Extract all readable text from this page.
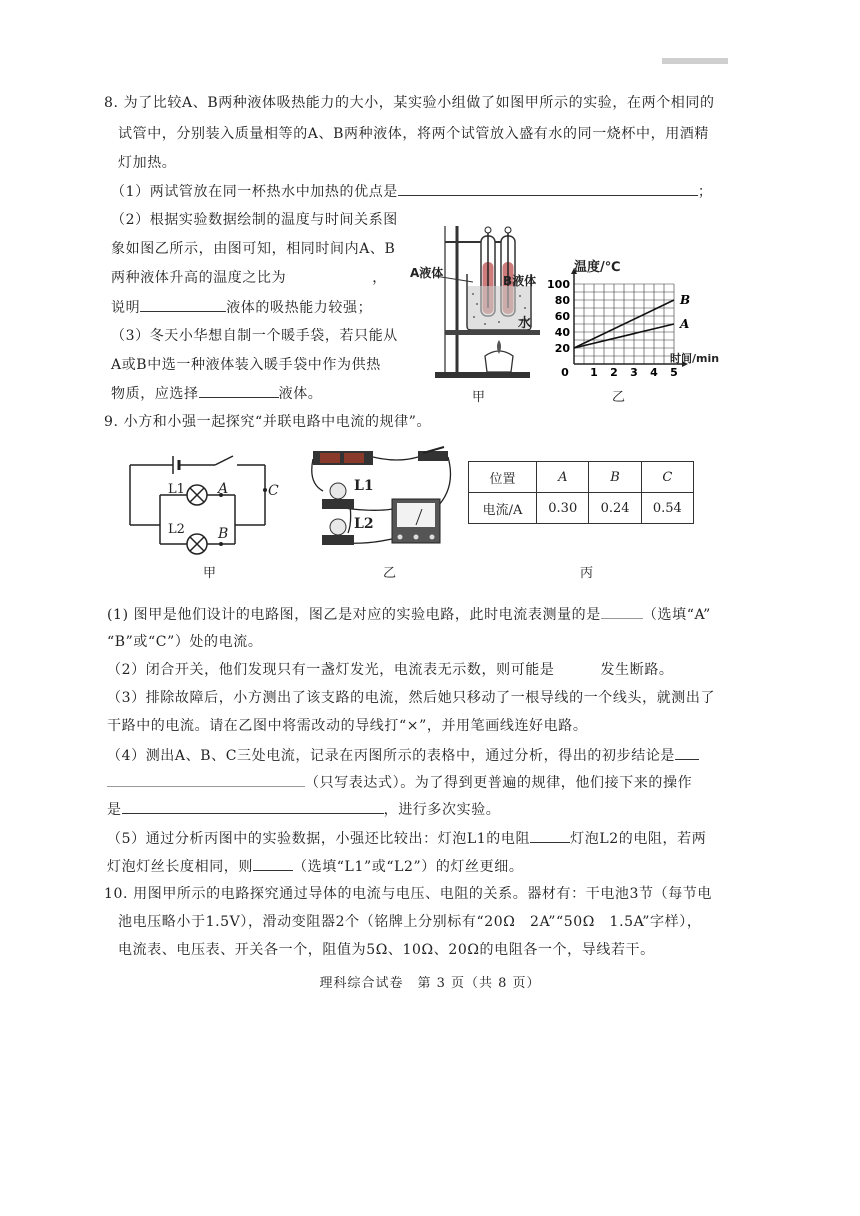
8. 为了比较A、B两种液体吸热能力的大小，某实验小组做了如图甲所示的实验，在两个相同的
试管中，分别装入质量相等的A、B两种液体，将两个试管放入盛有水的同一烧杯中，用酒精
灯加热。
（1）两试管放在同一杯热水中加热的优点是	；
（2）根据实验数据绘制的温度与时间关系图
象如图乙所示，由图可知，相同时间内A、B
两种液体升高的温度之比为	，
说明	液体的吸热能力较强；
（3）冬天小华想自制一个暖手袋，若只能从
A或B中选一种液体装入暖手袋中作为供热
物质，应选择	液体。
A液体
B液体
水
甲
0 1 2 3 4 5
20
40
60
80
100
B
A
温度/℃
时间/min
乙
9. 小方和小强一起探究“并联电路中电流的规律”。
L1
L2
A
B
C
甲
L1
L2
乙
位置	A	B	C
电流/A	0.30	0.24	0.54
丙
(1) 图甲是他们设计的电路图，图乙是对应的实验电路，此时电流表测量的是	（选填“A”
“B”或“C”）处的电流。
（2）闭合开关，他们发现只有一盏灯发光，电流表无示数，则可能是	发生断路。
（3）排除故障后，小方测出了该支路的电流，然后她只移动了一根导线的一个线头，就测出了
干路中的电流。请在乙图中将需改动的导线打“×”，并用笔画线连好电路。
（4）测出A、B、C三处电流，记录在丙图所示的表格中，通过分析，得出的初步结论是
（只写表达式）。为了得到更普遍的规律，他们接下来的操作
是	，进行多次实验。
（5）通过分析丙图中的实验数据，小强还比较出：灯泡L1的电阻	灯泡L2的电阻，若两
灯泡灯丝长度相同，则	（选填“L1”或“L2”）的灯丝更细。
10. 用图甲所示的电路探究通过导体的电流与电压、电阻的关系。器材有：干电池3节（每节电
池电压略小于1.5V），滑动变阻器2个（铭牌上分别标有“20Ω　2A”“50Ω　1.5A”字样），
电流表、电压表、开关各一个，阻值为5Ω、10Ω、20Ω的电阻各一个，导线若干。
理科综合试卷　第 3 页（共 8 页）
